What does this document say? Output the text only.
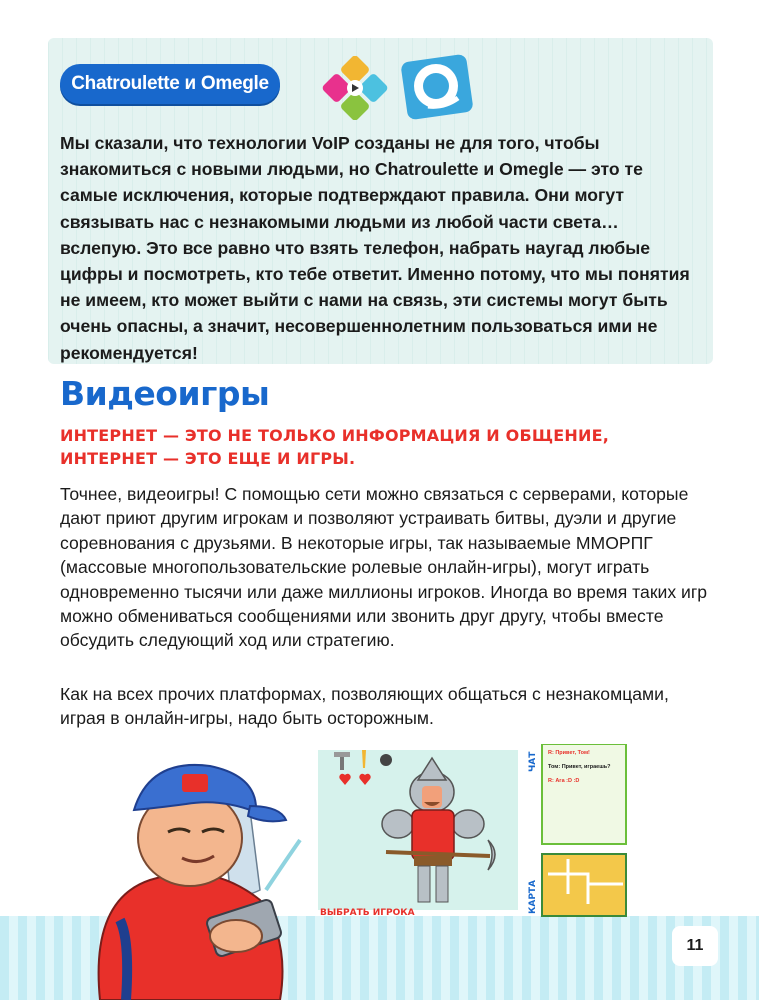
Chatroulette и Omegle
Мы сказали, что технологии VoIP созданы не для того, чтобы знакомиться с новыми людьми, но Chatroulette и Omegle — это те самые исключения, которые подтверждают правила. Они могут связывать нас с незнакомыми людьми из любой части света… вслепую. Это все равно что взять телефон, набрать наугад любые цифры и посмотреть, кто тебе ответит. Именно потому, что мы понятия не имеем, кто может выйти с нами на связь, эти системы могут быть очень опасны, а значит, несовершеннолетним пользоваться ими не рекомендуется!
Видеоигры
ИНТЕРНЕТ — ЭТО НЕ ТОЛЬКО ИНФОРМАЦИЯ И ОБЩЕНИЕ, ИНТЕРНЕТ — ЭТО ЕЩЕ И ИГРЫ.
Точнее, видеоигры! С помощью сети можно связаться с серверами, которые дают приют другим игрокам и позволяют устраивать битвы, дуэли и другие соревнования с друзьями. В некоторые игры, так называемые ММОРПГ (массовые многопользовательские ролевые онлайн-игры), могут играть одновременно тысячи или даже миллионы игроков. Иногда во время таких игр можно обмениваться сообщениями или звонить друг другу, чтобы вместе обсудить следующий ход или стратегию.
Как на всех прочих платформах, позволяющих общаться с незнакомцами, играя в онлайн-игры, надо быть осторожным.
11
ВЫБРАТЬ ИГРОКА
ЧАТ
КАРТА
R: Привет, Том!
Том: Привет, играешь?
R: Ага :D :D
